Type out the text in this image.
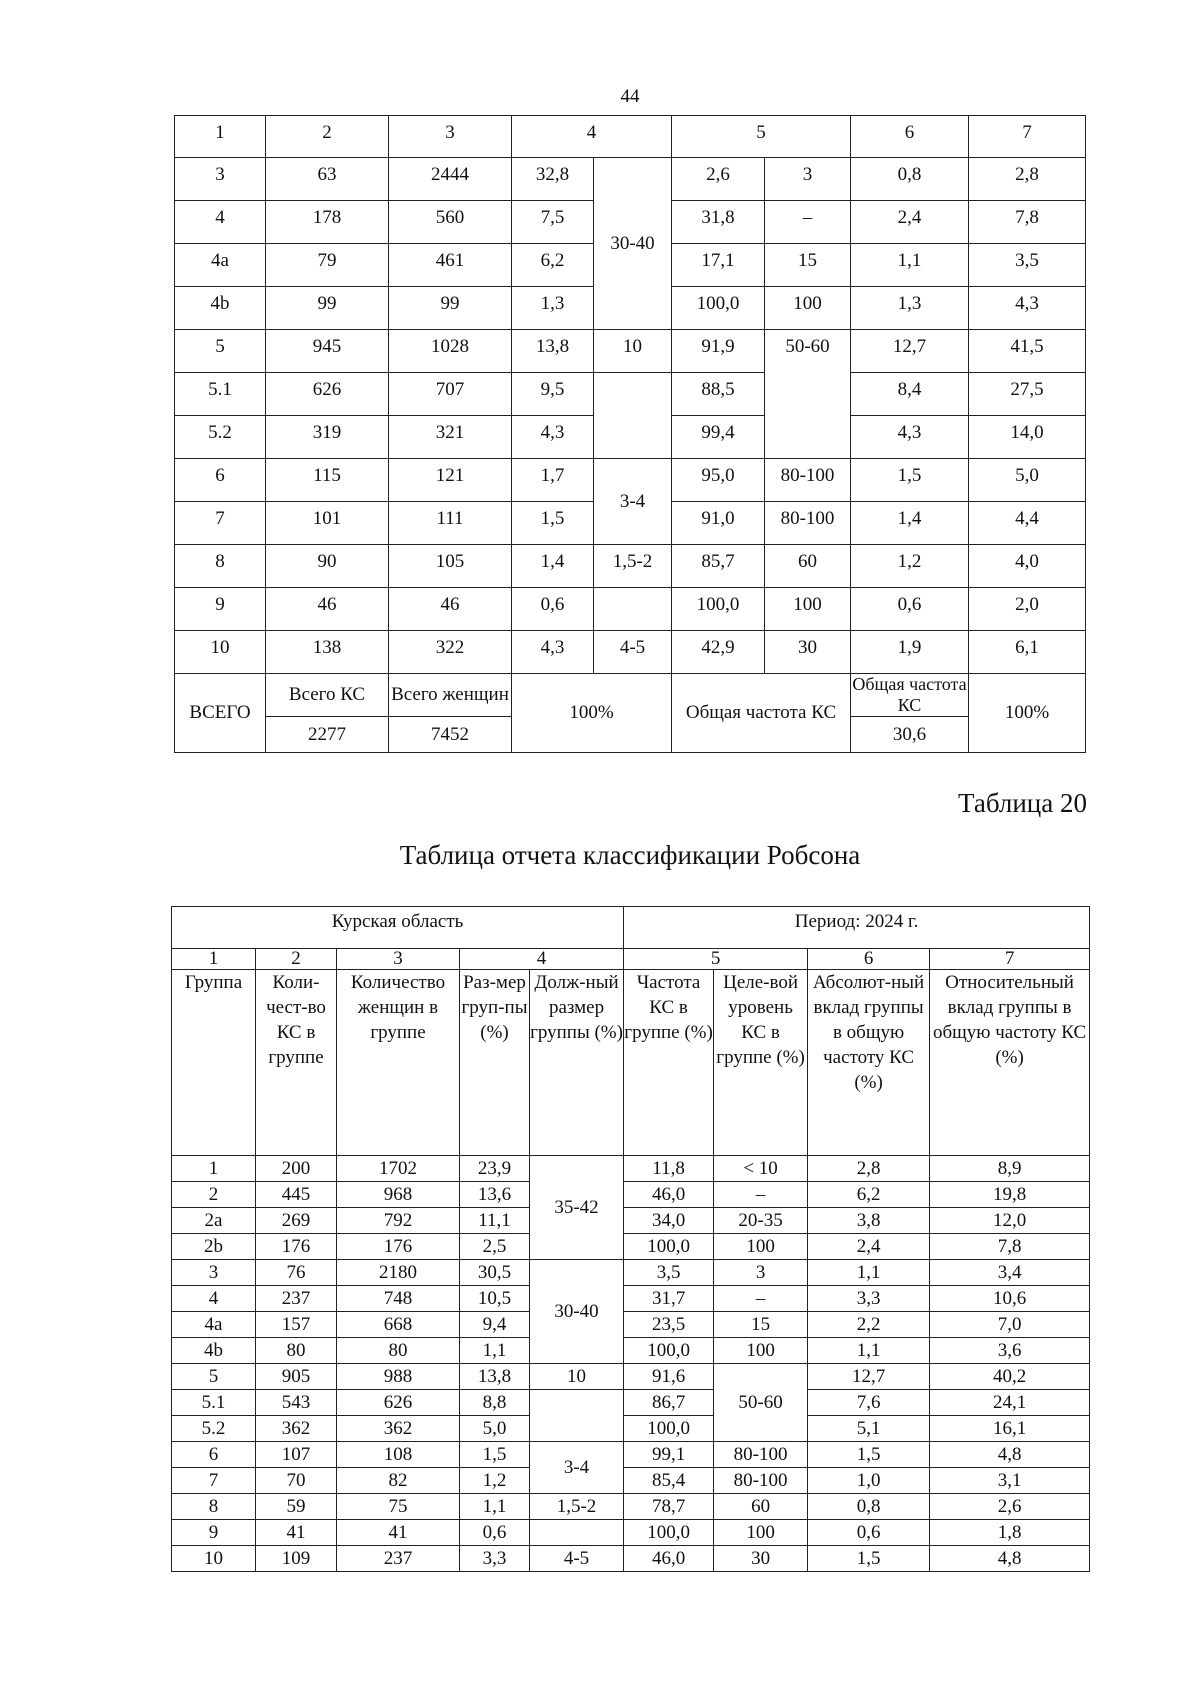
44
1	2	3	4		5		6	7
3	63	2444	32,8	30-40	2,6	3	0,8	2,8
4	178	560	7,5		31,8	–	2,4	7,8
4a	79	461	6,2		17,1	15	1,1	3,5
4b	99	99	1,3		100,0	100	1,3	4,3
5	945	1028	13,8	10	91,9	50-60	12,7	41,5
5.1	626	707	9,5		88,5		8,4	27,5
5.2	319	321	4,3		99,4		4,3	14,0
6	115	121	1,7	3-4	95,0	80-100	1,5	5,0
7	101	111	1,5		91,0	80-100	1,4	4,4
8	90	105	1,4	1,5-2	85,7	60	1,2	4,0
9	46	46	0,6		100,0	100	0,6	2,0
10	138	322	4,3	4-5	42,9	30	1,9	6,1
ВСЕГО	Всего КС	Всего женщин	100%		Общая частота КС		Общая частота КС	100%
	2277	7452					30,6	
Таблица 20
Таблица отчета классификации Робсона
Курская область					Период: 2024 г.			
1	2	3	4		5		6	7
Группа	Коли-чест-во КС в группе	Количество женщин в группе	Раз-мер груп-пы (%)	Долж-ный размер группы (%)	Частота КС в группе (%)	Целе-вой уровень КС в группе (%)	Абсолют-ный вклад группы в общую частоту КС (%)	Относительный вклад группы в общую частоту КС (%)
1	200	1702	23,9	35-42	11,8	< 10	2,8	8,9
2	445	968	13,6		46,0	–	6,2	19,8
2a	269	792	11,1		34,0	20-35	3,8	12,0
2b	176	176	2,5		100,0	100	2,4	7,8
3	76	2180	30,5	30-40	3,5	3	1,1	3,4
4	237	748	10,5		31,7	–	3,3	10,6
4a	157	668	9,4		23,5	15	2,2	7,0
4b	80	80	1,1		100,0	100	1,1	3,6
5	905	988	13,8	10	91,6	50-60	12,7	40,2
5.1	543	626	8,8		86,7		7,6	24,1
5.2	362	362	5,0		100,0		5,1	16,1
6	107	108	1,5	3-4	99,1	80-100	1,5	4,8
7	70	82	1,2		85,4	80-100	1,0	3,1
8	59	75	1,1	1,5-2	78,7	60	0,8	2,6
9	41	41	0,6		100,0	100	0,6	1,8
10	109	237	3,3	4-5	46,0	30	1,5	4,8
